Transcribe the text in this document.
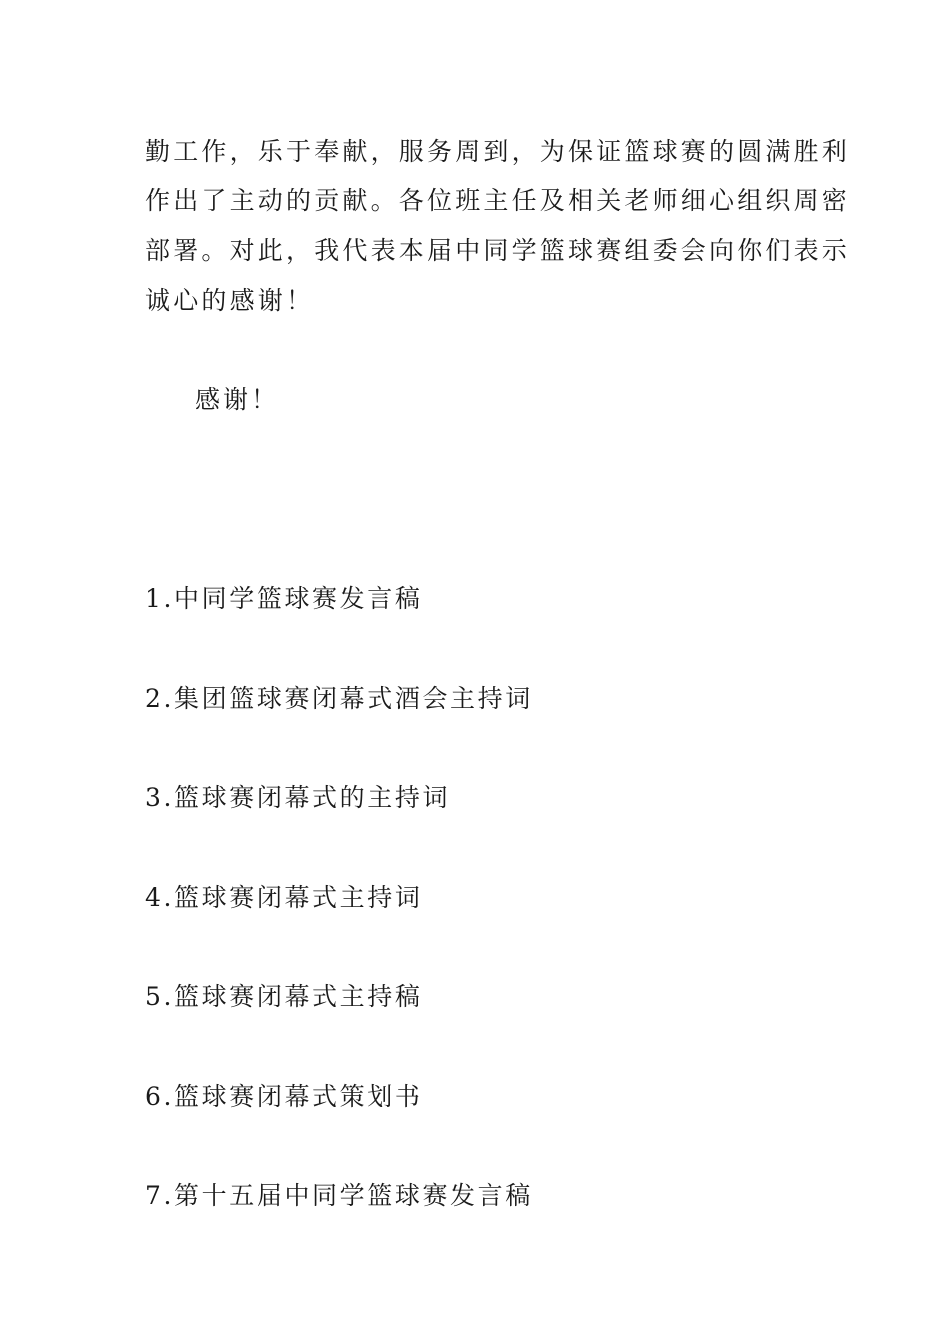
勤工作，乐于奉献，服务周到，为保证篮球赛的圆满胜利
作出了主动的贡献。各位班主任及相关老师细心组织周密
部署。对此，我代表本届中同学篮球赛组委会向你们表示
诚心的感谢！
感谢！
1.中同学篮球赛发言稿
2.集团篮球赛闭幕式酒会主持词
3.篮球赛闭幕式的主持词
4.篮球赛闭幕式主持词
5.篮球赛闭幕式主持稿
6.篮球赛闭幕式策划书
7.第十五届中同学篮球赛发言稿
